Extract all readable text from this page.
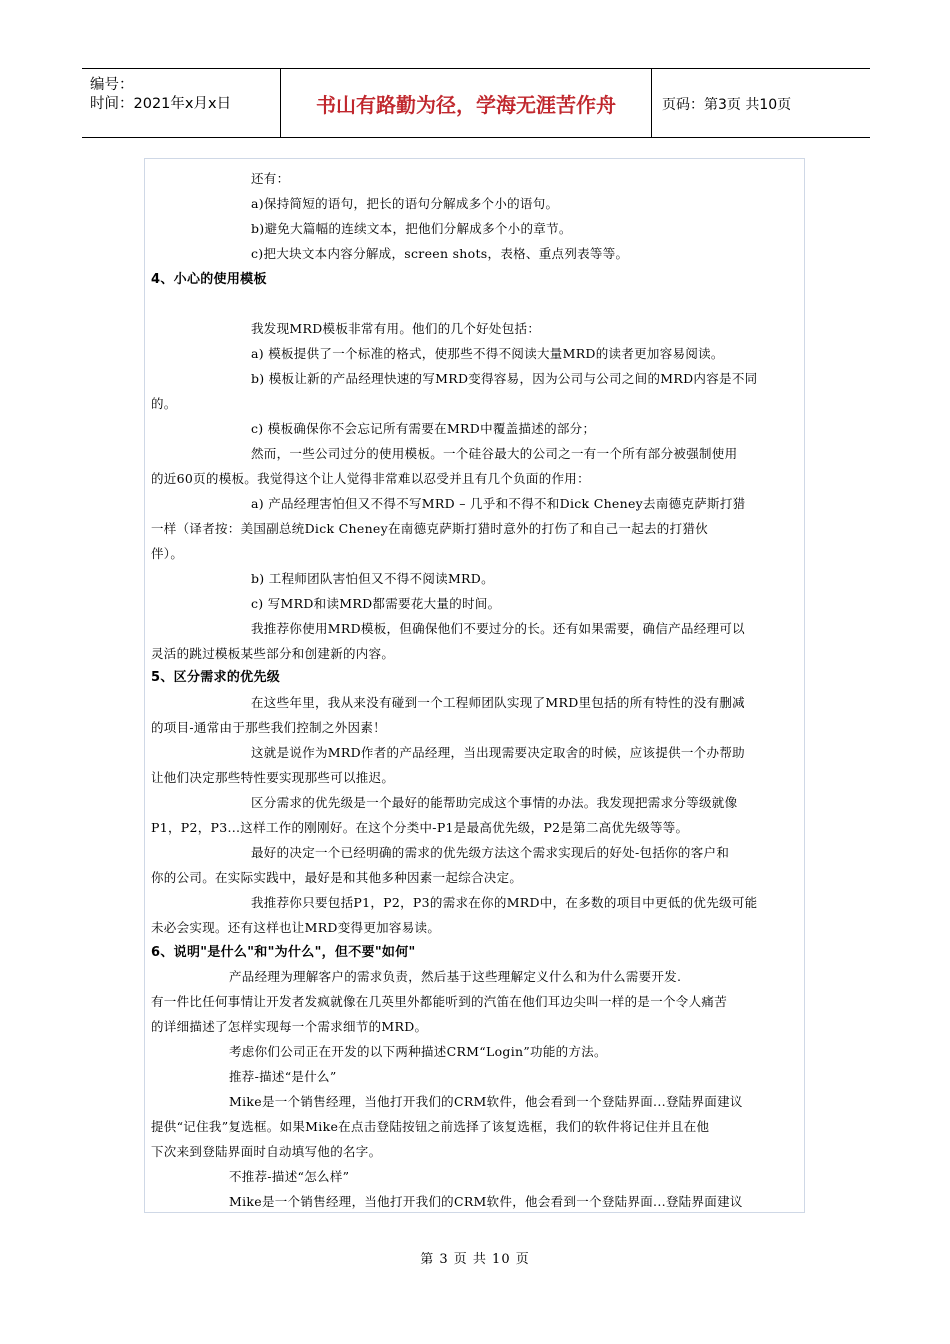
编号：
时间：2021年x月x日	书山有路勤为径，学海无涯苦作舟	页码：第3页 共10页
还有：
a)保持简短的语句，把长的语句分解成多个小的语句。
b)避免大篇幅的连续文本，把他们分解成多个小的章节。
c)把大块文本内容分解成，screen shots，表格、重点列表等等。
4、小心的使用模板
我发现MRD模板非常有用。他们的几个好处包括：
a) 模板提供了一个标准的格式，使那些不得不阅读大量MRD的读者更加容易阅读。
b) 模板让新的产品经理快速的写MRD变得容易，因为公司与公司之间的MRD内容是不同
的。
c) 模板确保你不会忘记所有需要在MRD中覆盖描述的部分；
然而，一些公司过分的使用模板。一个硅谷最大的公司之一有一个所有部分被强制使用
的近60页的模板。我觉得这个让人觉得非常难以忍受并且有几个负面的作用：
a) 产品经理害怕但又不得不写MRD – 几乎和不得不和Dick Cheney去南德克萨斯打猎
一样（译者按：美国副总统Dick Cheney在南德克萨斯打猎时意外的打伤了和自己一起去的打猎伙
伴）。
b) 工程师团队害怕但又不得不阅读MRD。
c) 写MRD和读MRD都需要花大量的时间。
我推荐你使用MRD模板，但确保他们不要过分的长。还有如果需要，确信产品经理可以
灵活的跳过模板某些部分和创建新的内容。
5、区分需求的优先级
在这些年里，我从来没有碰到一个工程师团队实现了MRD里包括的所有特性的没有删减
的项目-通常由于那些我们控制之外因素！
这就是说作为MRD作者的产品经理，当出现需要决定取舍的时候，应该提供一个办帮助
让他们决定那些特性要实现那些可以推迟。
区分需求的优先级是一个最好的能帮助完成这个事情的办法。我发现把需求分等级就像
P1，P2，P3...这样工作的刚刚好。在这个分类中-P1是最高优先级，P2是第二高优先级等等。
最好的决定一个已经明确的需求的优先级方法这个需求实现后的好处-包括你的客户和
你的公司。在实际实践中，最好是和其他多种因素一起综合决定。
我推荐你只要包括P1，P2，P3的需求在你的MRD中，在多数的项目中更低的优先级可能
未必会实现。还有这样也让MRD变得更加容易读。
6、说明"是什么"和"为什么"，但不要"如何"
产品经理为理解客户的需求负责，然后基于这些理解定义什么和为什么需要开发.
有一件比任何事情让开发者发疯就像在几英里外都能听到的汽笛在他们耳边尖叫一样的是一个令人痛苦
的详细描述了怎样实现每一个需求细节的MRD。
考虑你们公司正在开发的以下两种描述CRM“Login”功能的方法。
推荐-描述“是什么”
Mike是一个销售经理，当他打开我们的CRM软件，他会看到一个登陆界面...登陆界面建议
提供“记住我”复选框。如果Mike在点击登陆按钮之前选择了该复选框，我们的软件将记住并且在他
下次来到登陆界面时自动填写他的名字。
不推荐-描述“怎么样”
Mike是一个销售经理，当他打开我们的CRM软件，他会看到一个登陆界面...登陆界面建议
第 3 页 共 10 页
